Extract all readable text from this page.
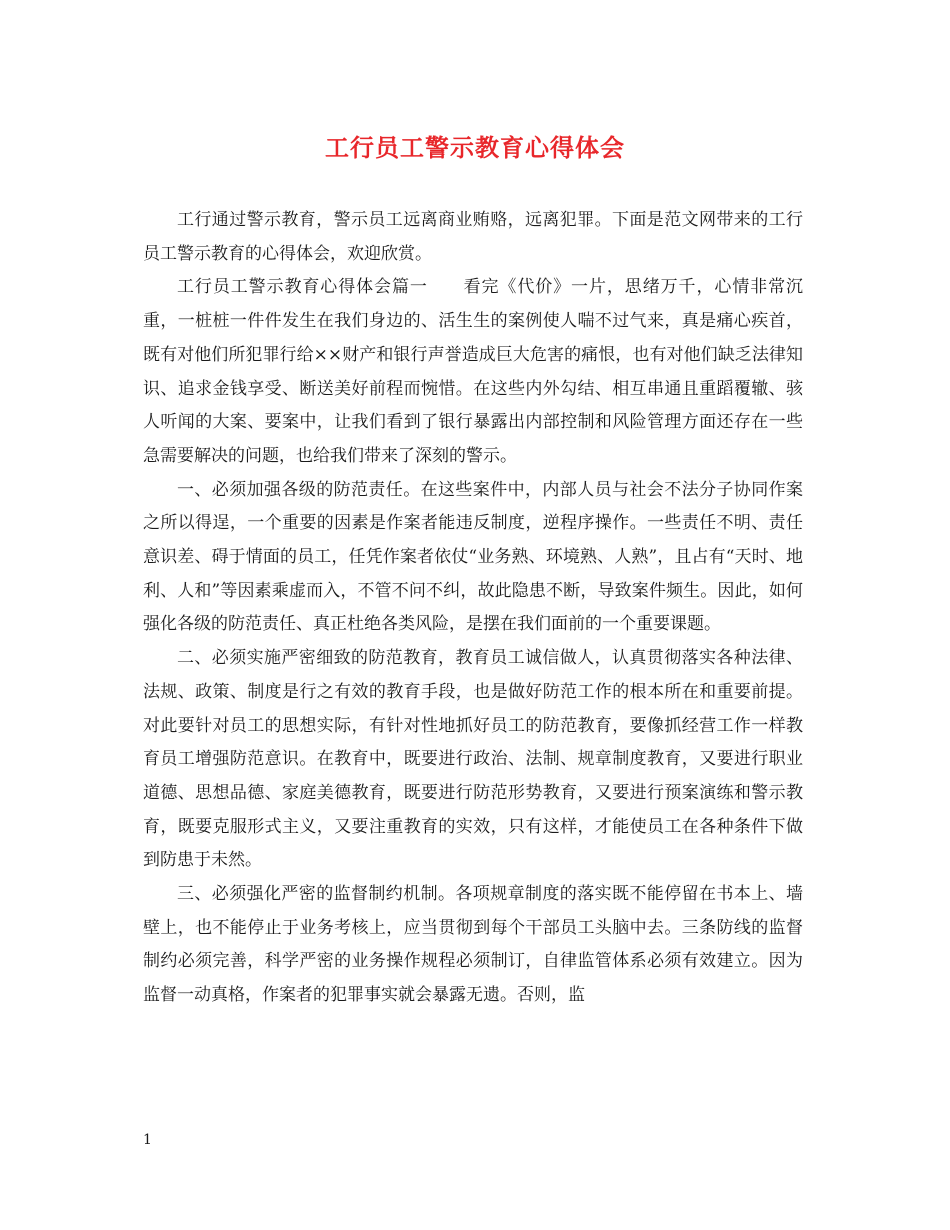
工行员工警示教育心得体会

工行通过警示教育，警示员工远离商业贿赂，远离犯罪。下面是范文网带来的工行员工警示教育的心得体会，欢迎欣赏。

工行员工警示教育心得体会篇一　　看完《代价》一片，思绪万千，心情非常沉重，一桩桩一件件发生在我们身边的、活生生的案例使人喘不过气来，真是痛心疾首，既有对他们所犯罪行给××财产和银行声誉造成巨大危害的痛恨，也有对他们缺乏法律知识、追求金钱享受、断送美好前程而惋惜。在这些内外勾结、相互串通且重蹈覆辙、骇人听闻的大案、要案中，让我们看到了银行暴露出内部控制和风险管理方面还存在一些急需要解决的问题，也给我们带来了深刻的警示。

一、必须加强各级的防范责任。在这些案件中，内部人员与社会不法分子协同作案之所以得逞，一个重要的因素是作案者能违反制度，逆程序操作。一些责任不明、责任意识差、碍于情面的员工，任凭作案者依仗“业务熟、环境熟、人熟”，且占有“天时、地利、人和”等因素乘虚而入，不管不问不纠，故此隐患不断，导致案件频生。因此，如何强化各级的防范责任、真正杜绝各类风险，是摆在我们面前的一个重要课题。

二、必须实施严密细致的防范教育，教育员工诚信做人，认真贯彻落实各种法律、法规、政策、制度是行之有效的教育手段，也是做好防范工作的根本所在和重要前提。对此要针对员工的思想实际，有针对性地抓好员工的防范教育，要像抓经营工作一样教育员工增强防范意识。在教育中，既要进行政治、法制、规章制度教育，又要进行职业道德、思想品德、家庭美德教育，既要进行防范形势教育，又要进行预案演练和警示教育，既要克服形式主义，又要注重教育的实效，只有这样，才能使员工在各种条件下做到防患于未然。

三、必须强化严密的监督制约机制。各项规章制度的落实既不能停留在书本上、墙壁上，也不能停止于业务考核上，应当贯彻到每个干部员工头脑中去。三条防线的监督制约必须完善，科学严密的业务操作规程必须制订，自律监管体系必须有效建立。因为监督一动真格，作案者的犯罪事实就会暴露无遗。否则，监

1
